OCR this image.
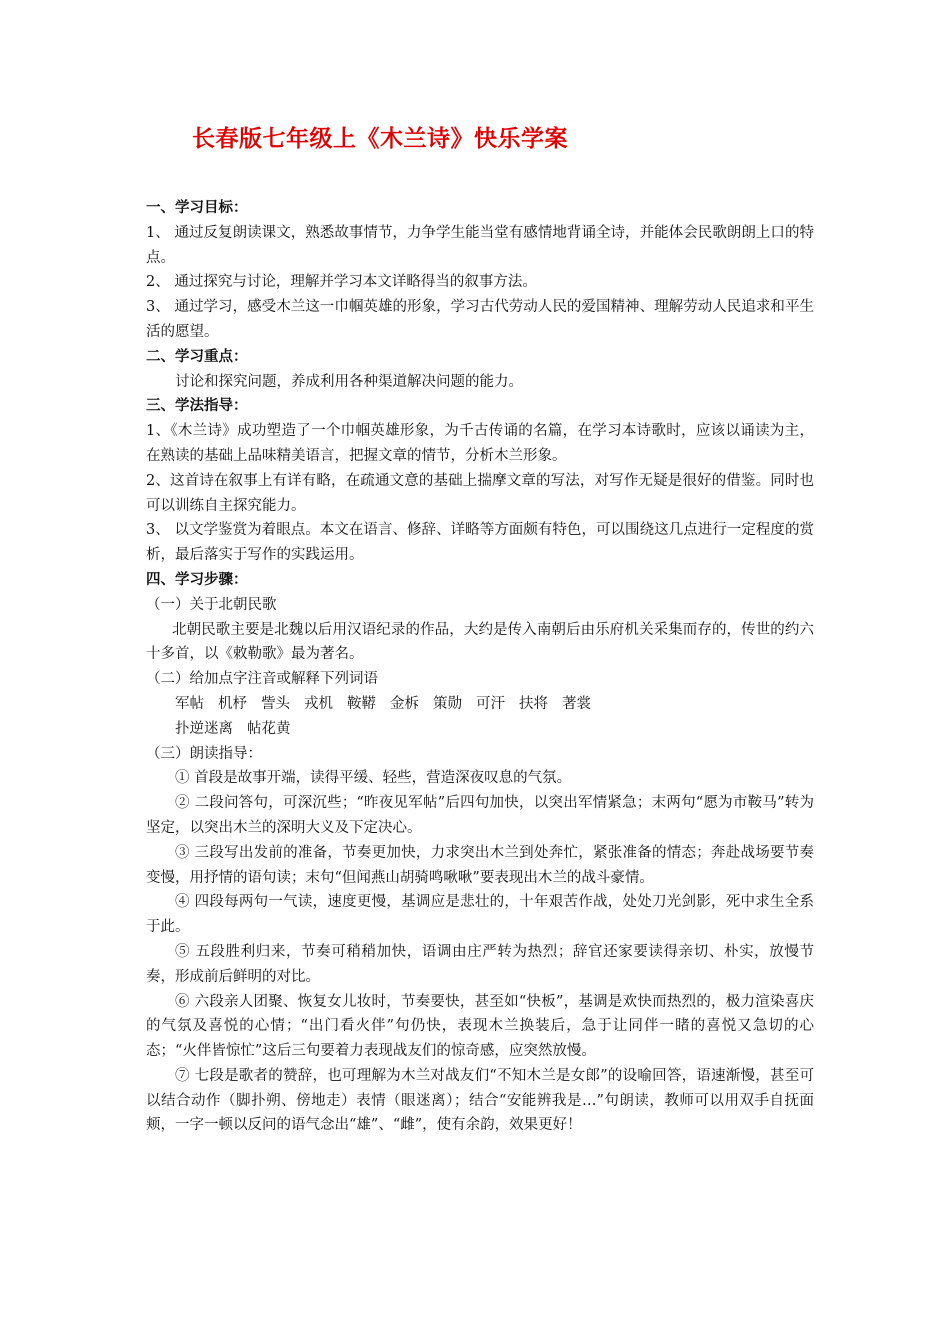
长春版七年级上《木兰诗》快乐学案

一、学习目标：

1、 通过反复朗读课文，熟悉故事情节，力争学生能当堂有感情地背诵全诗，并能体会民歌朗朗上口的特点。

2、 通过探究与讨论，理解并学习本文详略得当的叙事方法。

3、 通过学习，感受木兰这一巾帼英雄的形象，学习古代劳动人民的爱国精神、理解劳动人民追求和平生活的愿望。

二、学习重点：

讨论和探究问题，养成利用各种渠道解决问题的能力。

三、学法指导：

1、《木兰诗》成功塑造了一个巾帼英雄形象，为千古传诵的名篇，在学习本诗歌时，应该以诵读为主，在熟读的基础上品味精美语言，把握文章的情节，分析木兰形象。

2、这首诗在叙事上有详有略，在疏通文意的基础上揣摩文章的写法，对写作无疑是很好的借鉴。同时也可以训练自主探究能力。

3、 以文学鉴赏为着眼点。本文在语言、修辞、详略等方面颇有特色，可以围绕这几点进行一定程度的赏析，最后落实于写作的实践运用。

四、学习步骤：

（一）关于北朝民歌

北朝民歌主要是北魏以后用汉语纪录的作品，大约是传入南朝后由乐府机关采集而存的，传世的约六十多首，以《敕勒歌》最为著名。

（二）给加点字注音或解释下列词语

军帖 机杼 訾头 戎机 鞍鞯 金柝 策勋 可汗 扶将 著裳

扑逆迷离 帖花黄

（三）朗读指导：

① 首段是故事开端，读得平缓、轻些，营造深夜叹息的气氛。

② 二段问答句，可深沉些；“昨夜见军帖”后四句加快，以突出军情紧急；末两句“愿为市鞍马”转为坚定，以突出木兰的深明大义及下定决心。

③ 三段写出发前的准备，节奏更加快，力求突出木兰到处奔忙，紧张准备的情态；奔赴战场要节奏变慢，用抒情的语句读；末句“但闻燕山胡骑鸣啾啾”要表现出木兰的战斗豪情。

④ 四段每两句一气读，速度更慢，基调应是悲壮的，十年艰苦作战，处处刀光剑影，死中求生全系于此。

⑤ 五段胜利归来，节奏可稍稍加快，语调由庄严转为热烈；辞官还家要读得亲切、朴实，放慢节奏，形成前后鲜明的对比。

⑥ 六段亲人团聚、恢复女儿妆时，节奏要快，甚至如“快板”，基调是欢快而热烈的，极力渲染喜庆的气氛及喜悦的心情；“出门看火伴”句仍快，表现木兰换装后，急于让同伴一睹的喜悦又急切的心态；“火伴皆惊忙”这后三句要着力表现战友们的惊奇感，应突然放慢。

⑦ 七段是歌者的赞辞，也可理解为木兰对战友们“不知木兰是女郎”的设喻回答，语速渐慢，甚至可以结合动作（脚扑朔、傍地走）表情（眼迷离）；结合“安能辨我是…”句朗读，教师可以用双手自抚面颊，一字一顿以反问的语气念出“雄”、“雌”，使有余韵，效果更好！
